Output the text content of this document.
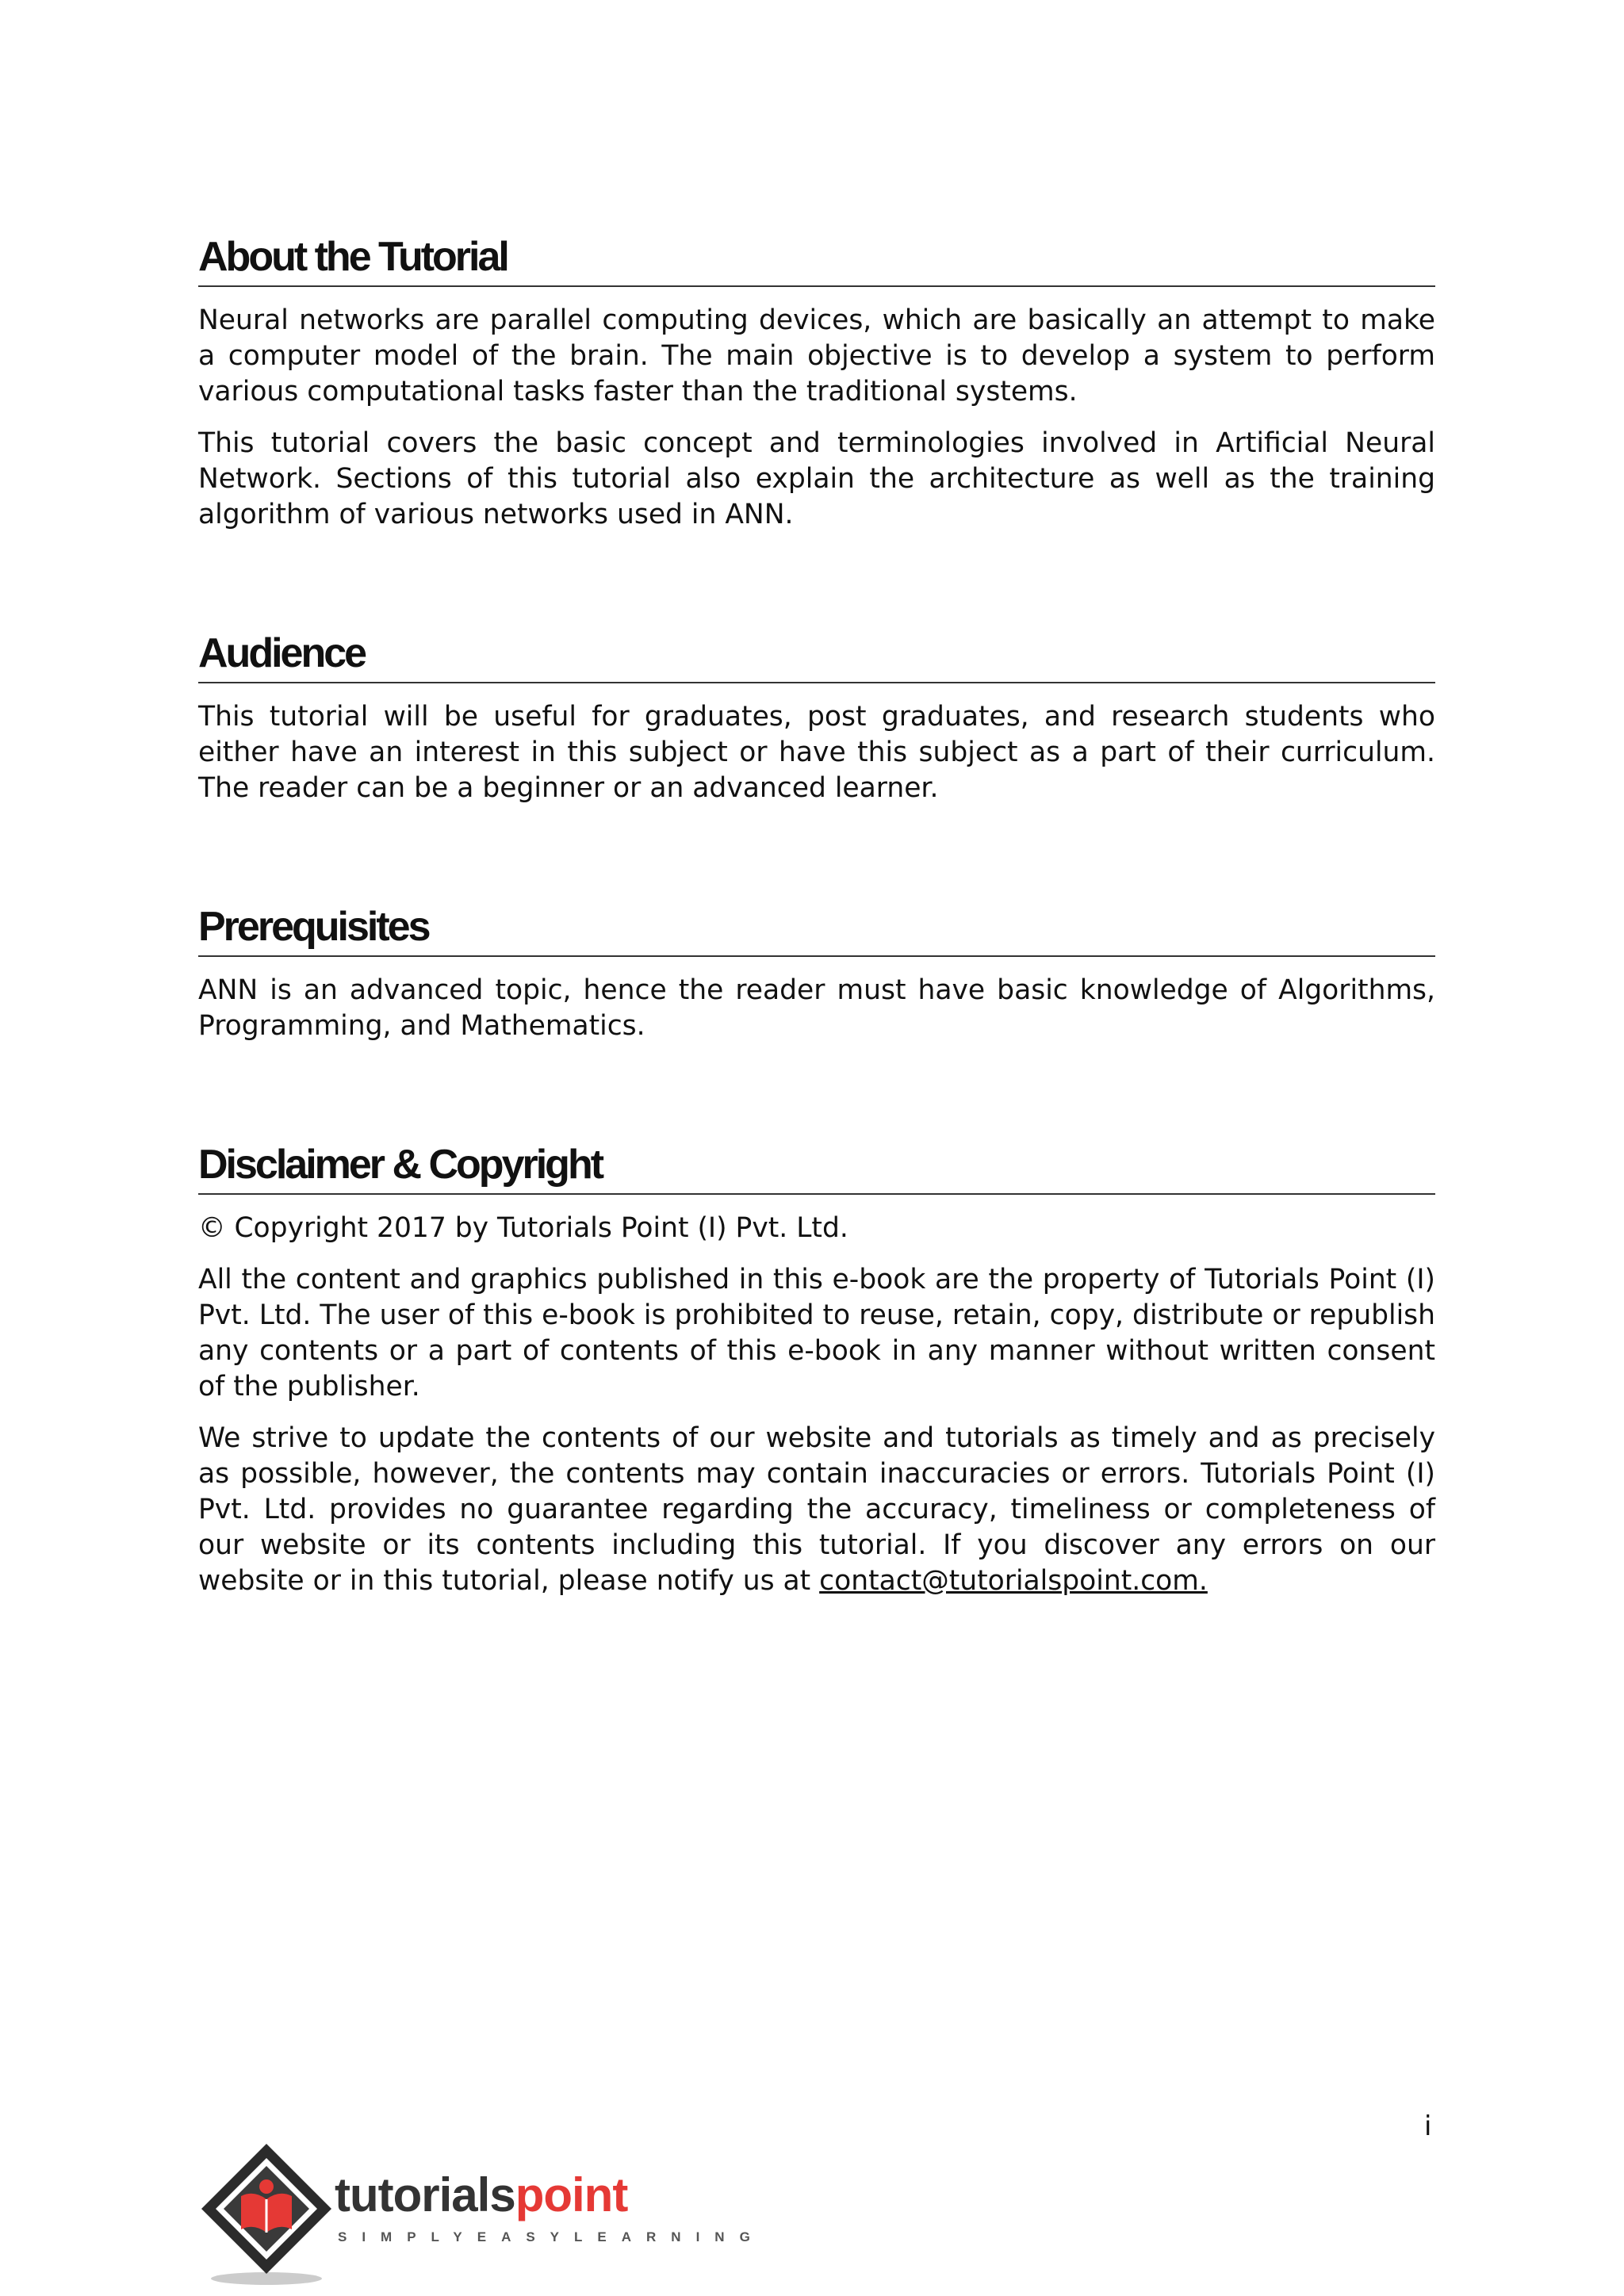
About the Tutorial

Neural networks are parallel computing devices, which are basically an attempt to make a computer model of the brain. The main objective is to develop a system to perform various computational tasks faster than the traditional systems.

This tutorial covers the basic concept and terminologies involved in Artificial Neural Network. Sections of this tutorial also explain the architecture as well as the training algorithm of various networks used in ANN.

Audience

This tutorial will be useful for graduates, post graduates, and research students who either have an interest in this subject or have this subject as a part of their curriculum. The reader can be a beginner or an advanced learner.

Prerequisites

ANN is an advanced topic, hence the reader must have basic knowledge of Algorithms, Programming, and Mathematics.

Disclaimer & Copyright

© Copyright 2017 by Tutorials Point (I) Pvt. Ltd.

All the content and graphics published in this e-book are the property of Tutorials Point (I) Pvt. Ltd. The user of this e-book is prohibited to reuse, retain, copy, distribute or republish any contents or a part of contents of this e-book in any manner without written consent of the publisher.

We strive to update the contents of our website and tutorials as timely and as precisely as possible, however, the contents may contain inaccuracies or errors. Tutorials Point (I) Pvt. Ltd. provides no guarantee regarding the accuracy, timeliness or completeness of our website or its contents including this tutorial. If you discover any errors on our website or in this tutorial, please notify us at contact@tutorialspoint.com.

i
tutorialspoint
SIMPLYEASYLEARNING
